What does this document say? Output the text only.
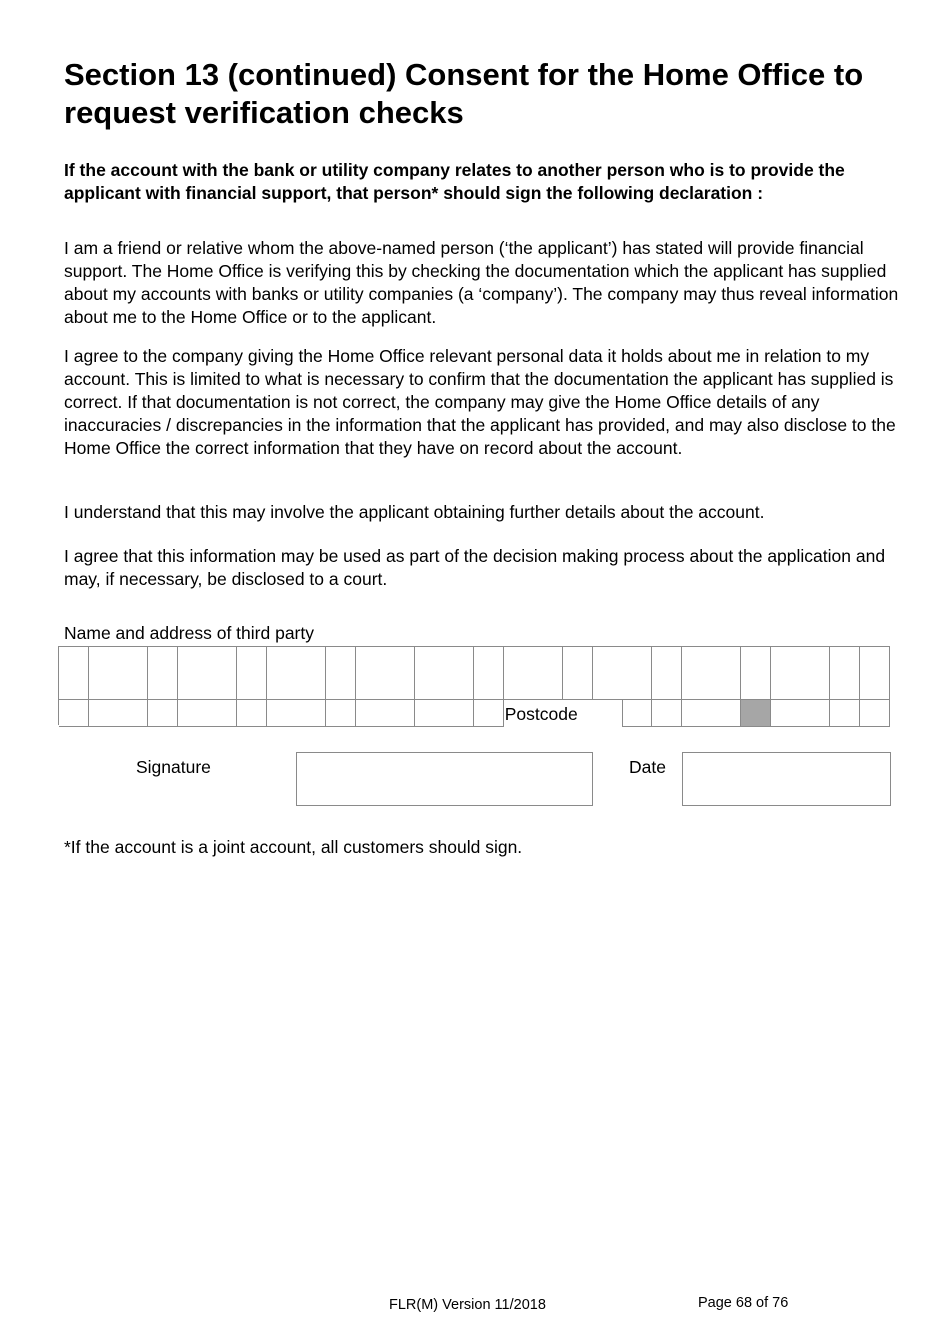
Section 13 (continued) Consent for the Home Office to request verification checks

If the account with the bank or utility company relates to another person who is to provide the applicant with financial support, that person* should sign the following declaration :

I am a friend or relative whom the above-named person (‘the applicant’) has stated will provide financial support. The Home Office is verifying this by checking the documentation which the applicant has supplied about my accounts with banks or utility companies (a ‘company’). The company may thus reveal information about me to the Home Office or to the applicant.

I agree to the company giving the Home Office relevant personal data it holds about me in relation to my account. This is limited to what is necessary to confirm that the documentation the applicant has supplied is correct. If that documentation is not correct, the company may give the Home Office details of any inaccuracies / discrepancies in the information that the applicant has provided, and may also disclose to the Home Office the correct information that they have on record about the account.

I understand that this may involve the applicant obtaining further details about the account.

I agree that this information may be used as part of the decision making process about the application and may, if necessary, be disclosed to a court.

Name and address of third party

Postcode

Signature	Date

*If the account is a joint account, all customers should sign.

FLR(M) Version 11/2018	Page 68 of 76
